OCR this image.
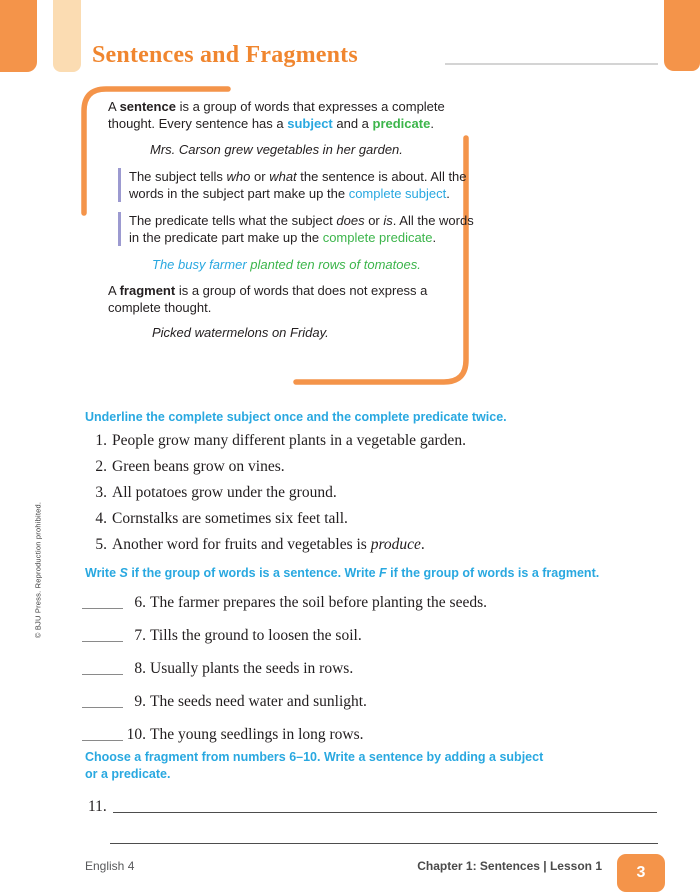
Sentences and Fragments
© BJU Press. Reproduction prohibited.

A sentence is a group of words that expresses a complete thought. Every sentence has a subject and a predicate.

Mrs. Carson grew vegetables in her garden.
The subject tells who or what the sentence is about. All the words in the subject part make up the complete subject.
The predicate tells what the subject does or is. All the words in the predicate part make up the complete predicate.
The busy farmer planted ten rows of tomatoes.

A fragment is a group of words that does not express a complete thought.

Picked watermelons on Friday.
Underline the complete subject once and the complete predicate twice.
1. People grow many different plants in a vegetable garden.
2. Green beans grow on vines.
3. All potatoes grow under the ground.
4. Cornstalks are sometimes six feet tall.
5. Another word for fruits and vegetables is produce.
Write S if the group of words is a sentence. Write F if the group of words is a fragment.
6. The farmer prepares the soil before planting the seeds.
7. Tills the ground to loosen the soil.
8. Usually plants the seeds in rows.
9. The seeds need water and sunlight.
10. The young seedlings in long rows.
Choose a fragment from numbers 6–10. Write a sentence by adding a subject
or a predicate.
11.
English 4	Chapter 1: Sentences | Lesson 1 3
